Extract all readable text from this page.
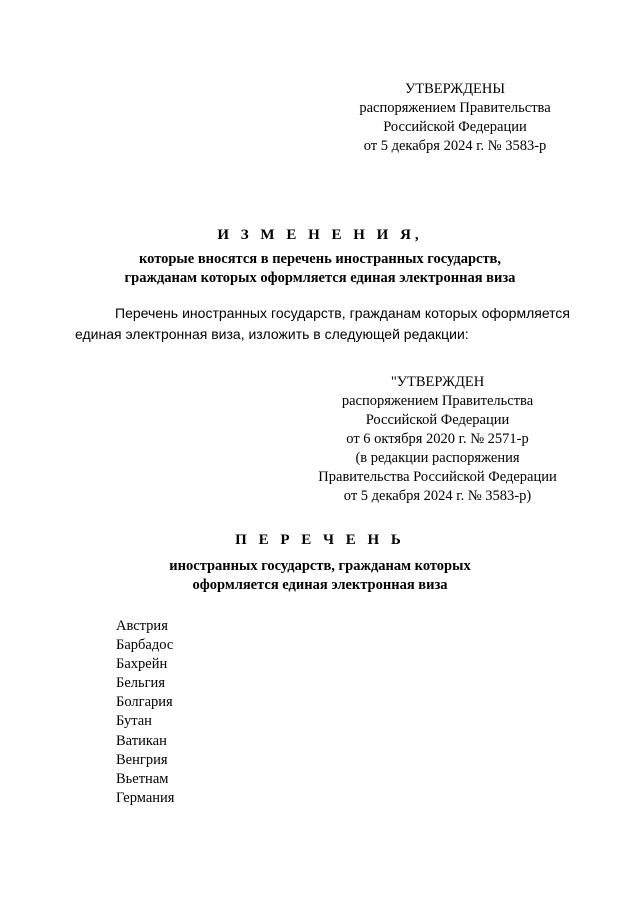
УТВЕРЖДЕНЫ
распоряжением Правительства
Российской Федерации
от 5 декабря 2024 г. № 3583-р
И З М Е Н Е Н И Я,
которые вносятся в перечень иностранных государств,
гражданам которых оформляется единая электронная виза
Перечень иностранных государств, гражданам которых оформляется единая электронная виза, изложить в следующей редакции:
"УТВЕРЖДЕН
распоряжением Правительства
Российской Федерации
от 6 октября 2020 г. № 2571-р
(в редакции распоряжения
Правительства Российской Федерации
от 5 декабря 2024 г. № 3583-р)
П Е Р Е Ч Е Н Ь
иностранных государств, гражданам которых
оформляется единая электронная виза
Австрия
Барбадос
Бахрейн
Бельгия
Болгария
Бутан
Ватикан
Венгрия
Вьетнам
Германия
